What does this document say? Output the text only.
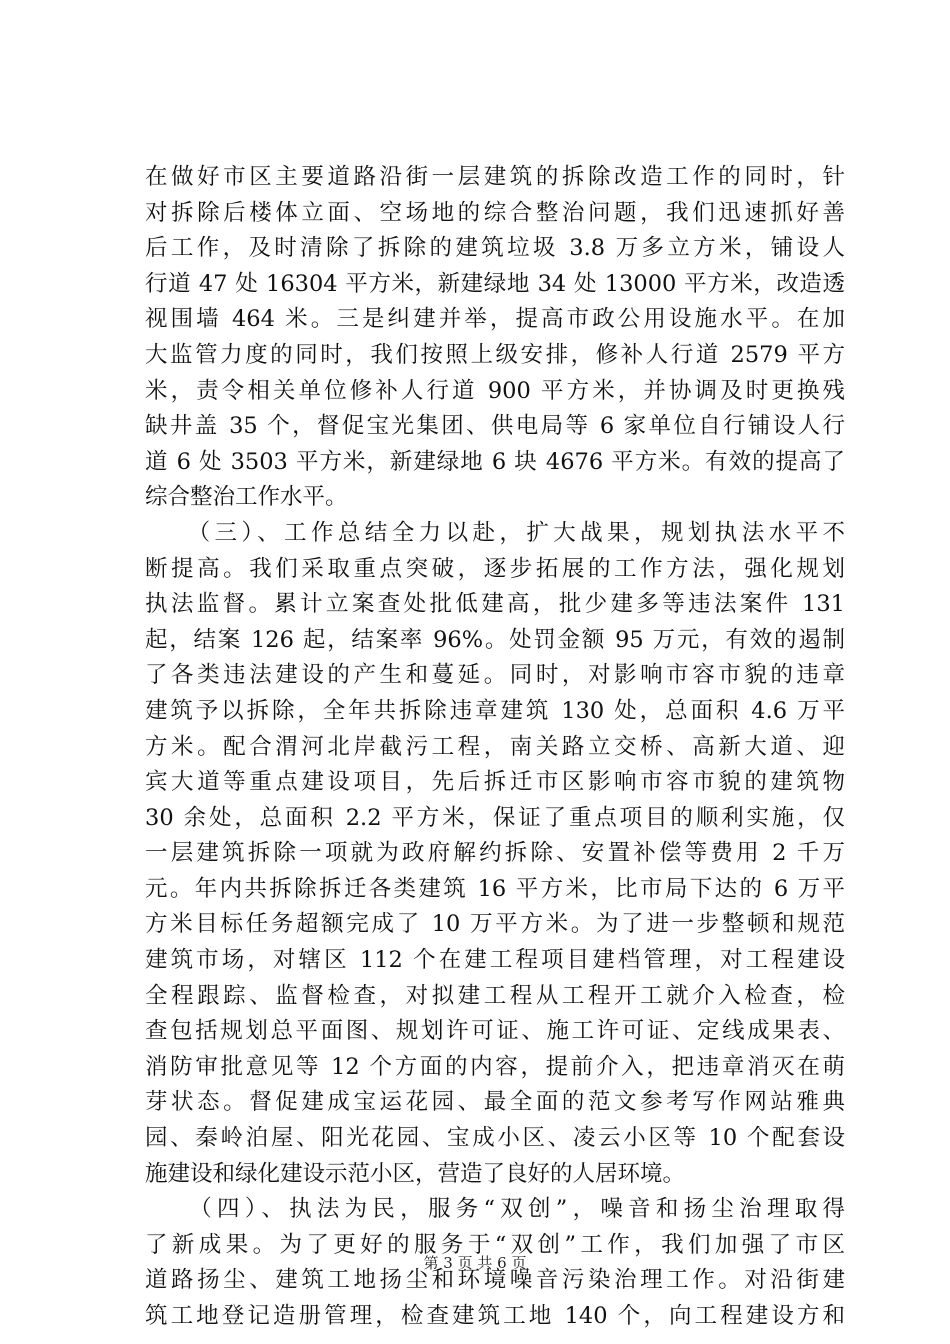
在做好市区主要道路沿街一层建筑的拆除改造工作的同时，针
对拆除后楼体立面、空场地的综合整治问题，我们迅速抓好善
后工作，及时清除了拆除的建筑垃圾 3.8 万多立方米，铺设人
行道 47 处 16304 平方米，新建绿地 34 处 13000 平方米，改造透
视围墙 464 米。三是纠建并举，提高市政公用设施水平。在加
大监管力度的同时，我们按照上级安排，修补人行道 2579 平方
米，责令相关单位修补人行道 900 平方米，并协调及时更换残
缺井盖 35 个，督促宝光集团、供电局等 6 家单位自行铺设人行
道 6 处 3503 平方米，新建绿地 6 块 4676 平方米。有效的提高了
综合整治工作水平。
　　（三）、工作总结全力以赴，扩大战果，规划执法水平不
断提高。我们采取重点突破，逐步拓展的工作方法，强化规划
执法监督。累计立案查处批低建高，批少建多等违法案件 131
起，结案 126 起，结案率 96%。处罚金额 95 万元，有效的遏制
了各类违法建设的产生和蔓延。同时，对影响市容市貌的违章
建筑予以拆除，全年共拆除违章建筑 130 处，总面积 4.6 万平
方米。配合渭河北岸截污工程，南关路立交桥、高新大道、迎
宾大道等重点建设项目，先后拆迁市区影响市容市貌的建筑物
30 余处，总面积 2.2 平方米，保证了重点项目的顺利实施，仅
一层建筑拆除一项就为政府解约拆除、安置补偿等费用 2 千万
元。年内共拆除拆迁各类建筑 16 平方米，比市局下达的 6 万平
方米目标任务超额完成了 10 万平方米。为了进一步整顿和规范
建筑市场，对辖区 112 个在建工程项目建档管理，对工程建设
全程跟踪、监督检查，对拟建工程从工程开工就介入检查，检
查包括规划总平面图、规划许可证、施工许可证、定线成果表、
消防审批意见等 12 个方面的内容，提前介入，把违章消灭在萌
芽状态。督促建成宝运花园、最全面的范文参考写作网站雅典
园、秦岭泊屋、阳光花园、宝成小区、凌云小区等 10 个配套设
施建设和绿化建设示范小区，营造了良好的人居环境。
　　（四）、执法为民，服务“双创”，噪音和扬尘治理取得
了新成果。为了更好的服务于“双创”工作，我们加强了市区
道路扬尘、建筑工地扬尘和环境噪音污染治理工作。对沿街建
筑工地登记造册管理，检查建筑工地 140 个，向工程建设方和
第 3 页 共 6 页
